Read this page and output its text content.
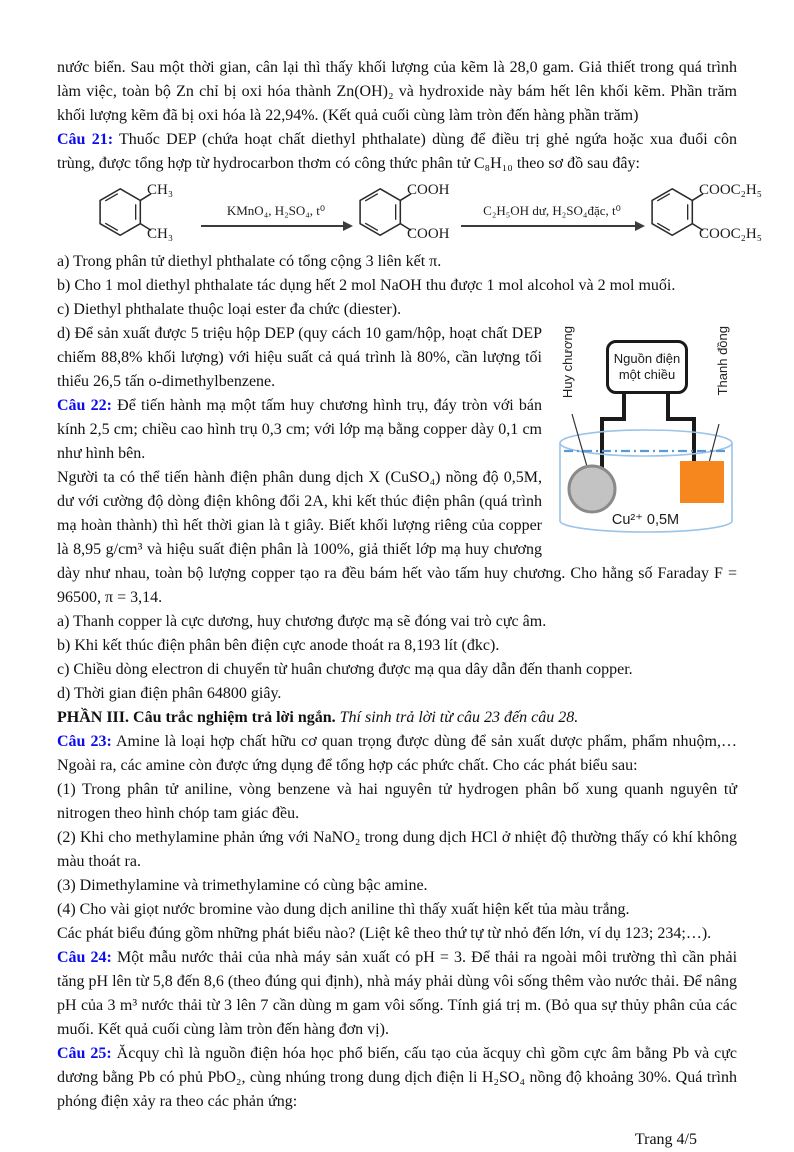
nước biển. Sau một thời gian, cân lại thì thấy khối lượng của kẽm là 28,0 gam. Giả thiết trong quá trình làm việc, toàn bộ Zn chỉ bị oxi hóa thành Zn(OH)₂ và hydroxide này bám hết lên khối kẽm. Phần trăm khối lượng kẽm đã bị oxi hóa là 22,94%. (Kết quả cuối cùng làm tròn đến hàng phần trăm)

Câu 21: Thuốc DEP (chứa hoạt chất diethyl phthalate) dùng để điều trị ghẻ ngứa hoặc xua đuổi côn trùng, được tổng hợp từ hydrocarbon thơm có công thức phân tử C₈H₁₀ theo sơ đồ sau đây:

CH₃
CH₃
KMnO₄, H₂SO₄, t⁰
COOH
COOH
C₂H₅OH dư, H₂SO₄đặc, t⁰
COOC₂H₅
COOC₂H₅

a) Trong phân tử diethyl phthalate có tổng cộng 3 liên kết π.

b) Cho 1 mol diethyl phthalate tác dụng hết 2 mol NaOH thu được 1 mol alcohol và 2 mol muối.

c) Diethyl phthalate thuộc loại ester đa chức (diester).

Nguồn điện
một chiều
Huy chương	Thanh đồng
Cu²⁺ 0,5M

d) Để sản xuất được 5 triệu hộp DEP (quy cách 10 gam/hộp, hoạt chất DEP chiếm 88,8% khối lượng) với hiệu suất cả quá trình là 80%, cần lượng tối thiểu 26,5 tấn o-dimethylbenzene.

Câu 22: Để tiến hành mạ một tấm huy chương hình trụ, đáy tròn với bán kính 2,5 cm; chiều cao hình trụ 0,3 cm; với lớp mạ bằng copper dày 0,1 cm như hình bên.

Người ta có thể tiến hành điện phân dung dịch X (CuSO₄) nồng độ 0,5M, dư với cường độ dòng điện không đổi 2A, khi kết thúc điện phân (quá trình mạ hoàn thành) thì hết thời gian là t giây. Biết khối lượng riêng của copper là 8,95 g/cm³ và hiệu suất điện phân là 100%, giả thiết lớp mạ huy chương dày như nhau, toàn bộ lượng copper tạo ra đều bám hết vào tấm huy chương. Cho hằng số Faraday F = 96500, π = 3,14.

a) Thanh copper là cực dương, huy chương được mạ sẽ đóng vai trò cực âm.

b) Khi kết thúc điện phân bên điện cực anode thoát ra 8,193 lít (đkc).

c) Chiều dòng electron di chuyển từ huân chương được mạ qua dây dẫn đến thanh copper.

d) Thời gian điện phân 64800 giây.

PHẦN III. Câu trắc nghiệm trả lời ngắn. Thí sinh trả lời từ câu 23 đến câu 28.

Câu 23: Amine là loại hợp chất hữu cơ quan trọng được dùng để sản xuất dược phẩm, phẩm nhuộm,… Ngoài ra, các amine còn được ứng dụng để tổng hợp các phức chất. Cho các phát biểu sau:

(1) Trong phân tử aniline, vòng benzene và hai nguyên tử hydrogen phân bố xung quanh nguyên tử nitrogen theo hình chóp tam giác đều.

(2) Khi cho methylamine phản ứng với NaNO₂ trong dung dịch HCl ở nhiệt độ thường thấy có khí không màu thoát ra.

(3) Dimethylamine và trimethylamine có cùng bậc amine.

(4) Cho vài giọt nước bromine vào dung dịch aniline thì thấy xuất hiện kết tủa màu trắng.

Các phát biểu đúng gồm những phát biểu nào? (Liệt kê theo thứ tự từ nhỏ đến lớn, ví dụ 123; 234;…).

Câu 24: Một mẫu nước thải của nhà máy sản xuất có pH = 3. Để thải ra ngoài môi trường thì cần phải tăng pH lên từ 5,8 đến 8,6 (theo đúng qui định), nhà máy phải dùng vôi sống thêm vào nước thải. Để nâng pH của 3 m³ nước thải từ 3 lên 7 cần dùng m gam vôi sống. Tính giá trị m. (Bỏ qua sự thủy phân của các muối. Kết quả cuối cùng làm tròn đến hàng đơn vị).

Câu 25: Ăcquy chì là nguồn điện hóa học phổ biến, cấu tạo của ăcquy chì gồm cực âm bằng Pb và cực dương bằng Pb có phủ PbO₂, cùng nhúng trong dung dịch điện li H₂SO₄ nồng độ khoảng 30%. Quá trình phóng điện xảy ra theo các phản ứng:

Trang 4/5
